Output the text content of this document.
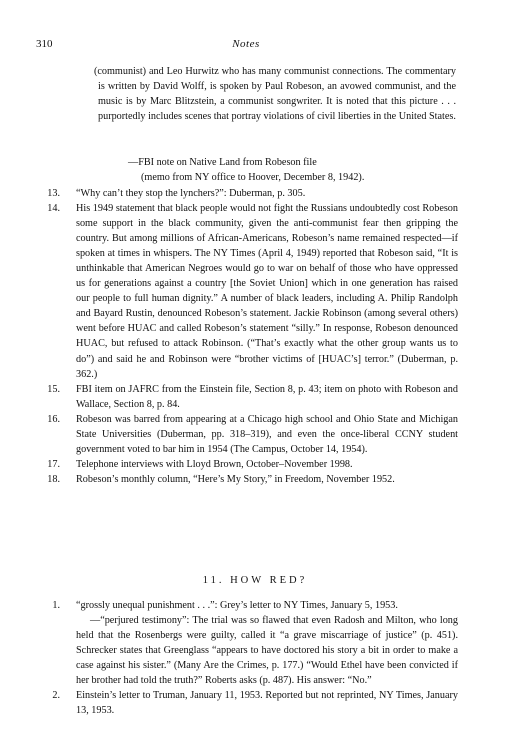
310	Notes

(communist) and Leo Hurwitz who has many communist connections. The commentary is written by David Wolff, is spoken by Paul Robeson, an avowed communist, and the music is by Marc Blitzstein, a communist songwriter. It is noted that this picture . . . purportedly includes scenes that portray violations of civil liberties in the United States.

—FBI note on Native Land from Robeson file
(memo from NY office to Hoover, December 8, 1942).
13. “Why can’t they stop the lynchers?”: Duberman, p. 305.
14. His 1949 statement that black people would not fight the Russians undoubtedly cost Robeson some support in the black community, given the anti-communist fear then gripping the country. But among millions of African-Americans, Robeson’s name remained respected—if spoken at times in whispers. The NY Times (April 4, 1949) reported that Robeson said, “It is unthinkable that American Negroes would go to war on behalf of those who have oppressed us for generations against a country [the Soviet Union] which in one generation has raised our people to full human dignity.” A number of black leaders, including A. Philip Randolph and Bayard Rustin, denounced Robeson’s statement. Jackie Robinson (among several others) went before HUAC and called Robeson’s statement “silly.” In response, Robeson denounced HUAC, but refused to attack Robinson. (“That’s exactly what the other group wants us to do”) and said he and Robinson were “brother victims of [HUAC’s] terror.” (Duberman, p. 362.)
15. FBI item on JAFRC from the Einstein file, Section 8, p. 43; item on photo with Robeson and Wallace, Section 8, p. 84.
16. Robeson was barred from appearing at a Chicago high school and Ohio State and Michigan State Universities (Duberman, pp. 318–319), and even the once-liberal CCNY student government voted to bar him in 1954 (The Campus, October 14, 1954).
17. Telephone interviews with Lloyd Brown, October–November 1998.
18. Robeson’s monthly column, “Here’s My Story,” in Freedom, November 1952.
11. HOW RED?
1. “grossly unequal punishment . . .”: Grey’s letter to NY Times, January 5, 1953.
—“perjured testimony”: The trial was so flawed that even Radosh and Milton, who long held that the Rosenbergs were guilty, called it “a grave miscarriage of justice” (p. 451). Schrecker states that Greenglass “appears to have doctored his story a bit in order to make a case against his sister.” (Many Are the Crimes, p. 177.) “Would Ethel have been convicted if her brother had told the truth?” Roberts asks (p. 487). His answer: “No.”
2. Einstein’s letter to Truman, January 11, 1953. Reported but not reprinted, NY Times, January 13, 1953.
